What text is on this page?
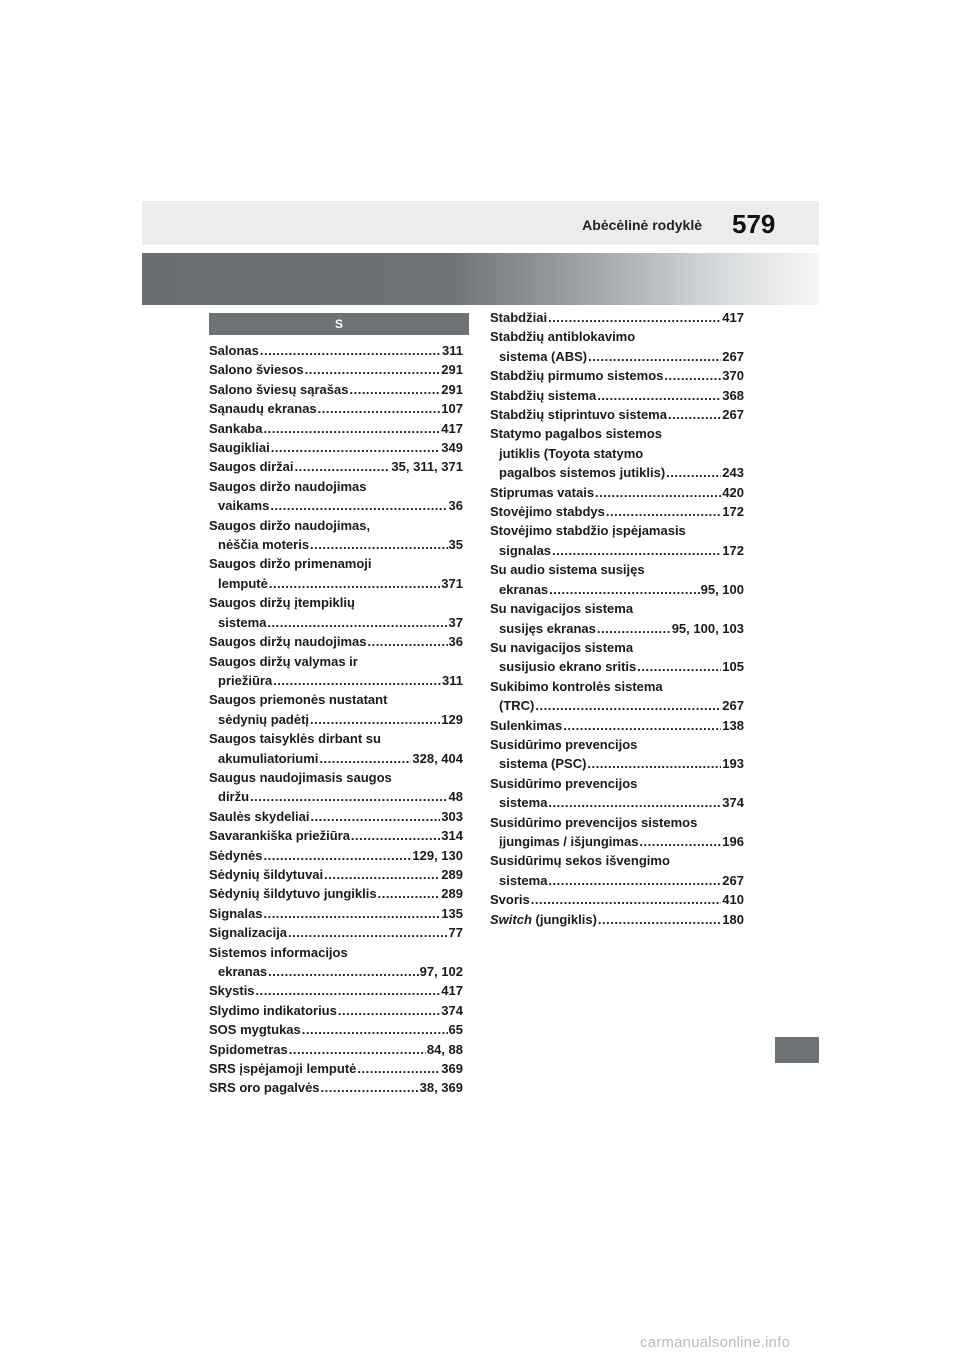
Abėcėlinė rodyklė 579
S
Salonas .....	311
Salono šviesos .....	291
Salono šviesų sąrašas .....	291
Sąnaudų ekranas .....	107
Sankaba .....	417
Saugikliai .....	349
Saugos diržai .....	35, 311, 371
Saugos diržo naudojimas
vaikams .....	36
Saugos diržo naudojimas,
nėščia moteris .....	35
Saugos diržo primenamoji
lemputė .....	371
Saugos diržų įtempiklių
sistema .....	37
Saugos diržų naudojimas .....	36
Saugos diržų valymas ir
priežiūra .....	311
Saugos priemonės nustatant
sėdynių padėtį .....	129
Saugos taisyklės dirbant su
akumuliatoriumi .....	328, 404
Saugus naudojimasis saugos
diržu .....	48
Saulės skydeliai .....	303
Savarankiška priežiūra .....	314
Sėdynės .....	129, 130
Sėdynių šildytuvai .....	289
Sėdynių šildytuvo jungiklis .....	289
Signalas .....	135
Signalizacija .....	77
Sistemos informacijos
ekranas .....	97, 102
Skystis .....	417
Slydimo indikatorius .....	374
SOS mygtukas .....	65
Spidometras .....	84, 88
SRS įspėjamoji lemputė .....	369
SRS oro pagalvės .....	38, 369
Stabdžiai .....	417
Stabdžių antiblokavimo
sistema (ABS) .....	267
Stabdžių pirmumo sistemos .....	370
Stabdžių sistema .....	368
Stabdžių stiprintuvo sistema .....	267
Statymo pagalbos sistemos
jutiklis (Toyota statymo
pagalbos sistemos jutiklis) .....	243
Stiprumas vatais .....	420
Stovėjimo stabdys .....	172
Stovėjimo stabdžio įspėjamasis
signalas .....	172
Su audio sistema susijęs
ekranas .....	95, 100
Su navigacijos sistema
susijęs ekranas .....	95, 100, 103
Su navigacijos sistema
susijusio ekrano sritis .....	105
Sukibimo kontrolės sistema
(TRC) .....	267
Sulenkimas .....	138
Susidūrimo prevencijos
sistema (PSC) .....	193
Susidūrimo prevencijos
sistema .....	374
Susidūrimo prevencijos sistemos
įjungimas / išjungimas .....	196
Susidūrimų sekos išvengimo
sistema .....	267
Svoris .....	410
Switch (jungiklis) .....	180
carmanualsonline.info
